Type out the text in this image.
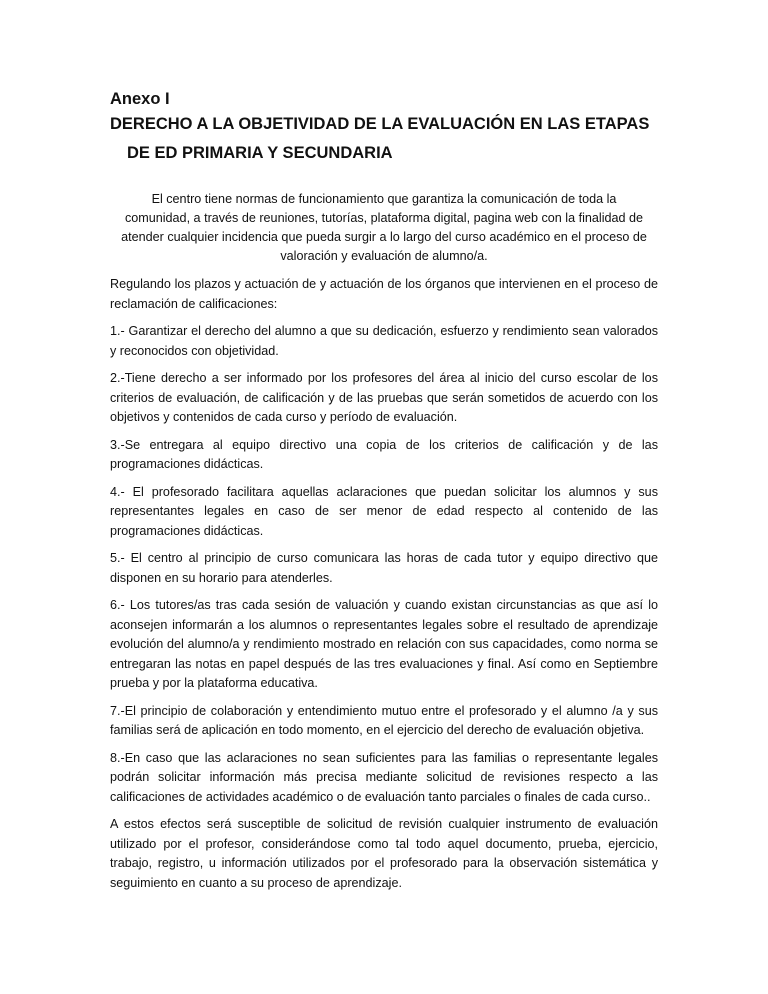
Anexo I
DERECHO A LA OBJETIVIDAD DE LA EVALUACIÓN EN LAS ETAPAS
DE ED PRIMARIA Y SECUNDARIA
El centro tiene normas de funcionamiento que garantiza la comunicación de toda la comunidad, a través de reuniones, tutorías, plataforma digital, pagina web con la finalidad de atender cualquier incidencia que pueda surgir a lo largo del curso académico en el proceso de valoración y evaluación de alumno/a.

Regulando los plazos y actuación de y actuación de los órganos que intervienen en el proceso de reclamación de calificaciones:

1.- Garantizar el derecho del alumno a que su dedicación, esfuerzo y rendimiento sean valorados y reconocidos con objetividad.

2.-Tiene derecho a ser informado por los profesores del área al inicio del curso escolar de los criterios de evaluación, de calificación y de las pruebas que serán sometidos de acuerdo con los objetivos y contenidos de cada curso y período de evaluación.

3.-Se entregara al equipo directivo una copia de los criterios de calificación y de las programaciones didácticas.

4.- El profesorado facilitara aquellas aclaraciones que puedan solicitar los alumnos y sus representantes legales en caso de ser menor de edad respecto al contenido de las programaciones didácticas.

5.- El centro al principio de curso comunicara las horas de cada tutor y equipo directivo que disponen en su horario para atenderles.

6.- Los tutores/as tras cada sesión de valuación y cuando existan circunstancias as que así lo aconsejen informarán a los alumnos o representantes legales sobre el resultado de aprendizaje evolución del alumno/a y rendimiento mostrado en relación con sus capacidades, como norma se entregaran las notas en papel después de las tres evaluaciones y final. Así como en Septiembre prueba y por la plataforma educativa.

7.-El principio de colaboración y entendimiento mutuo entre el profesorado y el alumno /a y sus familias será de aplicación en todo momento, en el ejercicio del derecho de evaluación objetiva.

8.-En caso que las aclaraciones no sean suficientes para las familias o representante legales podrán solicitar información más precisa mediante solicitud de revisiones respecto a las calificaciones de actividades académico o de evaluación tanto parciales o finales de cada curso..

A estos efectos será susceptible de solicitud de revisión cualquier instrumento de evaluación utilizado por el profesor, considerándose como tal todo aquel documento, prueba, ejercicio, trabajo, registro, u información utilizados por el profesorado para la observación sistemática y seguimiento en cuanto a su proceso de aprendizaje.
